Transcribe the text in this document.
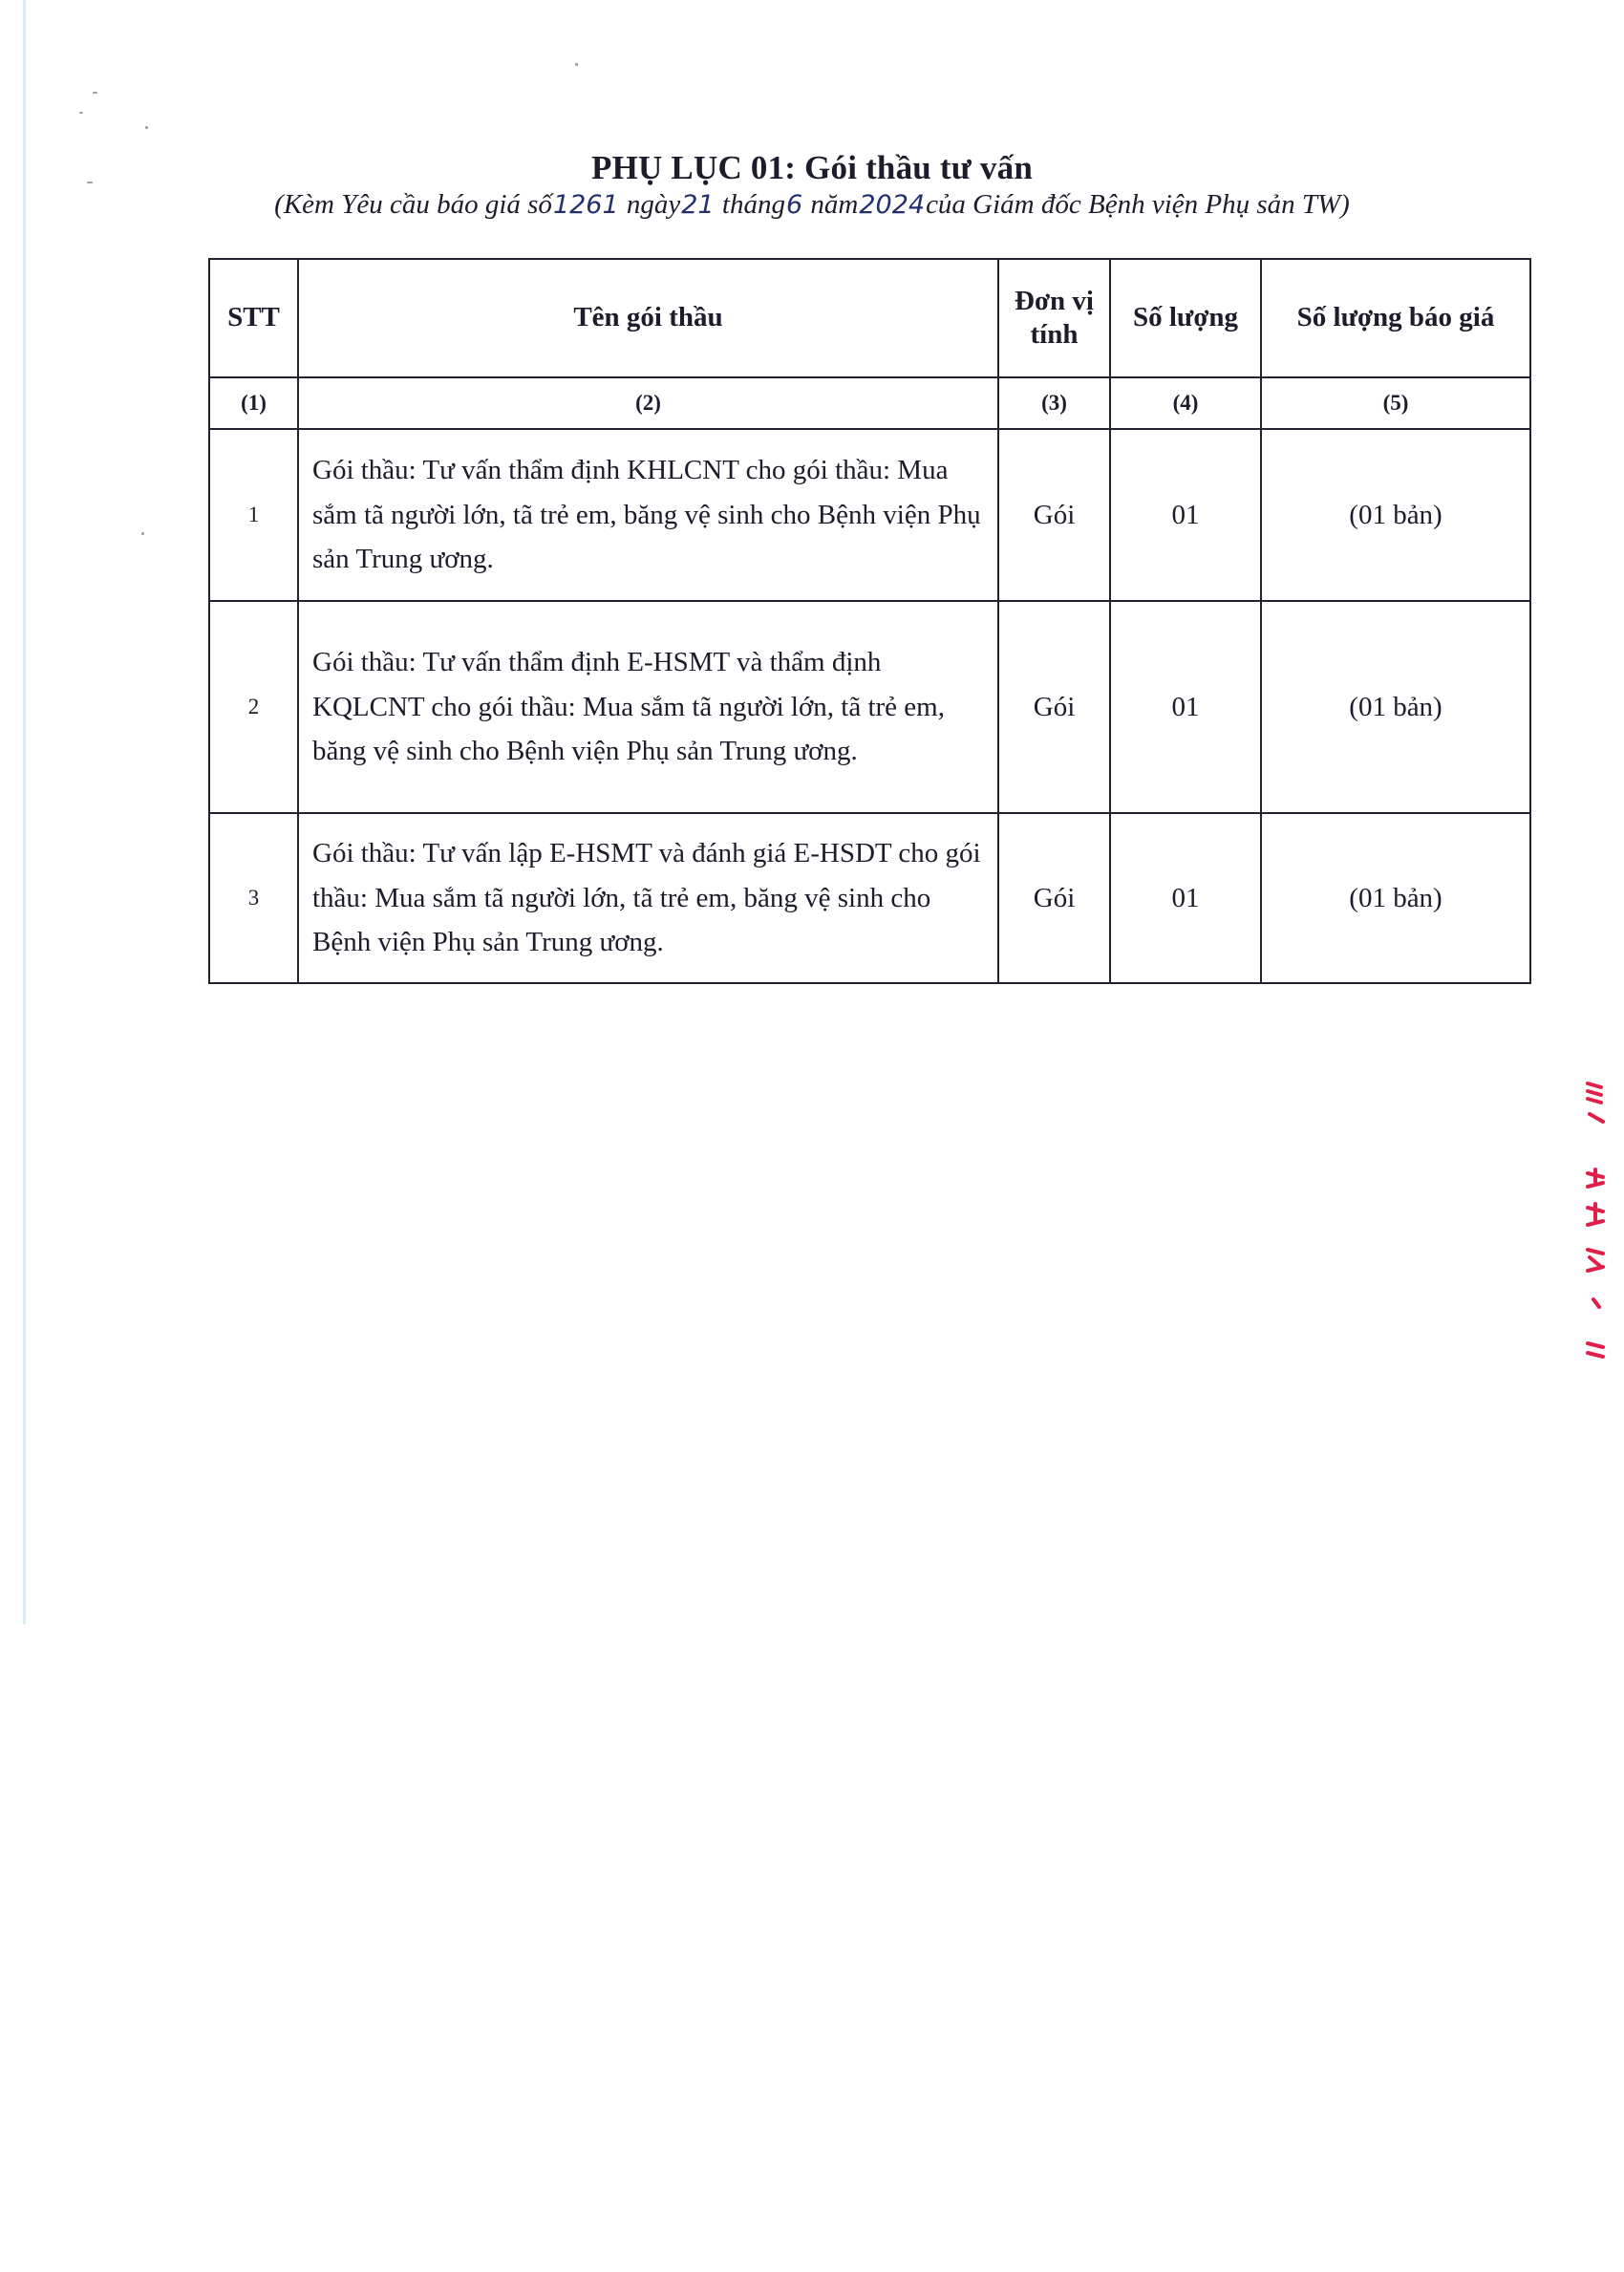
PHỤ LỤC 01: Gói thầu tư vấn
(Kèm Yêu cầu báo giá số1261 ngày21 tháng6 năm2024của Giám đốc Bệnh viện Phụ sản TW)
STT	Tên gói thầu	Đơn vị tính	Số lượng	Số lượng báo giá
(1)	(2)	(3)	(4)	(5)
1	Gói thầu: Tư vấn thẩm định KHLCNT cho gói thầu: Mua sắm tã người lớn, tã trẻ em, băng vệ sinh cho Bệnh viện Phụ sản Trung ương.	Gói	01	(01 bản)
2	Gói thầu: Tư vấn thẩm định E-HSMT và thẩm định KQLCNT cho gói thầu: Mua sắm tã người lớn, tã trẻ em, băng vệ sinh cho Bệnh viện Phụ sản Trung ương.	Gói	01	(01 bản)
3	Gói thầu: Tư vấn lập E-HSMT và đánh giá E-HSDT cho gói thầu: Mua sắm tã người lớn, tã trẻ em, băng vệ sinh cho Bệnh viện Phụ sản Trung ương.	Gói	01	(01 bản)
